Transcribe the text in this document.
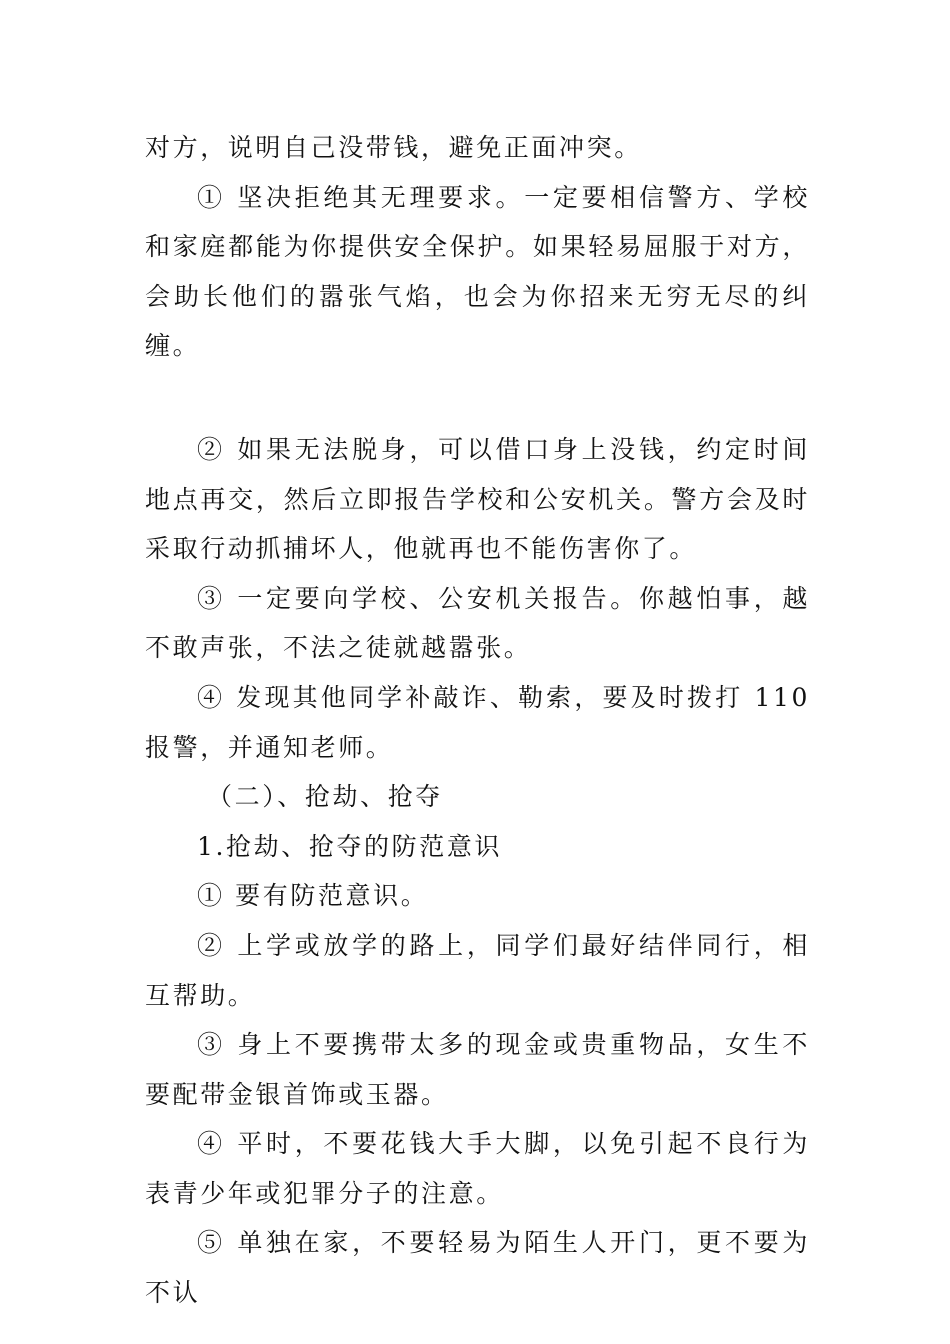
对方，说明自己没带钱，避免正面冲突。

① 坚决拒绝其无理要求。一定要相信警方、学校和家庭都能为你提供安全保护。如果轻易屈服于对方，会助长他们的嚣张气焰，也会为你招来无穷无尽的纠缠。

② 如果无法脱身，可以借口身上没钱，约定时间地点再交，然后立即报告学校和公安机关。警方会及时采取行动抓捕坏人，他就再也不能伤害你了。

③ 一定要向学校、公安机关报告。你越怕事，越不敢声张，不法之徒就越嚣张。

④ 发现其他同学补敲诈、勒索，要及时拨打 110 报警，并通知老师。

（二）、抢劫、抢夺

1.抢劫、抢夺的防范意识

① 要有防范意识。

② 上学或放学的路上，同学们最好结伴同行，相互帮助。

③ 身上不要携带太多的现金或贵重物品，女生不要配带金银首饰或玉器。

④ 平时，不要花钱大手大脚，以免引起不良行为表青少年或犯罪分子的注意。

⑤ 单独在家，不要轻易为陌生人开门，更不要为不认
